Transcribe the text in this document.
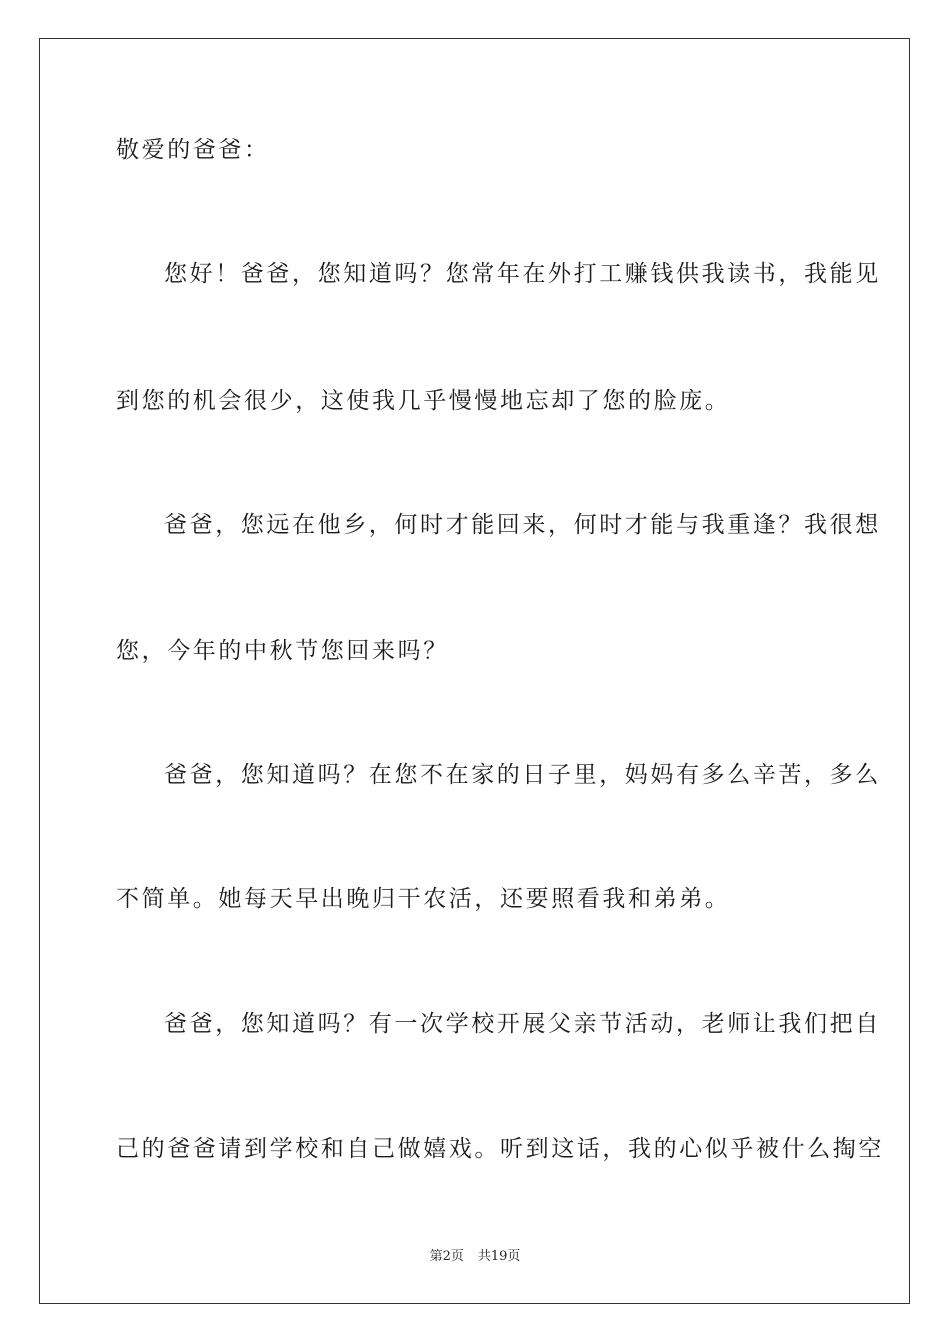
敬爱的爸爸：
您好！爸爸，您知道吗？您常年在外打工赚钱供我读书，我能见
到您的机会很少，这使我几乎慢慢地忘却了您的脸庞。
爸爸，您远在他乡，何时才能回来，何时才能与我重逢？我很想
您，今年的中秋节您回来吗？
爸爸，您知道吗？在您不在家的日子里，妈妈有多么辛苦，多么
不简单。她每天早出晚归干农活，还要照看我和弟弟。
爸爸，您知道吗？有一次学校开展父亲节活动，老师让我们把自
己的爸爸请到学校和自己做嬉戏。听到这话，我的心似乎被什么掏空
第2页 共19页
